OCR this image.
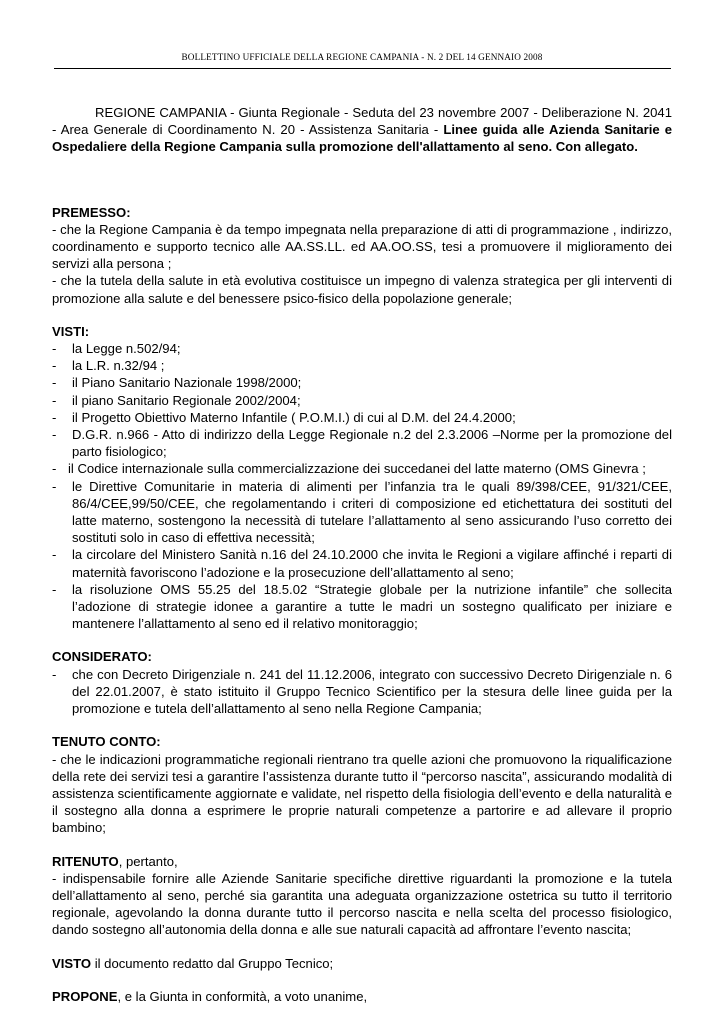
BOLLETTINO UFFICIALE DELLA REGIONE CAMPANIA - N. 2 DEL 14 GENNAIO 2008

REGIONE CAMPANIA - Giunta Regionale - Seduta del 23 novembre 2007 - Deliberazione N. 2041 - Area Generale di Coordinamento N. 20 - Assistenza Sanitaria - Linee guida alle Azienda Sanitarie e Ospedaliere della Regione Campania sulla promozione dell'allattamento al seno. Con allegato.

PREMESSO:

- che la Regione Campania è da tempo impegnata nella preparazione di atti di programmazione , indirizzo, coordinamento e supporto tecnico alle AA.SS.LL. ed AA.OO.SS, tesi a promuovere il miglioramento dei servizi alla persona ;

- che la tutela della salute in età evolutiva costituisce un impegno di valenza strategica per gli interventi di promozione alla salute e del benessere psico-fisico della popolazione generale;

VISTI:

- la Legge n.502/94;
- la L.R. n.32/94 ;
- il Piano Sanitario Nazionale 1998/2000;
- il piano Sanitario Regionale 2002/2004;
- il Progetto Obiettivo Materno Infantile ( P.O.M.I.) di cui al D.M. del 24.4.2000;
- D.G.R. n.966 - Atto di indirizzo della Legge Regionale n.2 del 2.3.2006 –Norme per la promozione del parto fisiologico;
- il Codice internazionale sulla commercializzazione dei succedanei del latte materno (OMS Ginevra ;
- le Direttive Comunitarie in materia di alimenti per l’infanzia tra le quali 89/398/CEE, 91/321/CEE, 86/4/CEE,99/50/CEE, che regolamentando i criteri di composizione ed etichettatura dei sostituti del latte materno, sostengono la necessità di tutelare l’allattamento al seno assicurando l’uso corretto dei sostituti solo in caso di effettiva necessità;
- la circolare del Ministero Sanità n.16 del 24.10.2000 che invita le Regioni a vigilare affinché i reparti di maternità favoriscono l’adozione e la prosecuzione dell’allattamento al seno;
- la risoluzione OMS 55.25 del 18.5.02 “Strategie globale per la nutrizione infantile” che sollecita l’adozione di strategie idonee a garantire a tutte le madri un sostegno qualificato per iniziare e mantenere l’allattamento al seno ed il relativo monitoraggio;

CONSIDERATO:

- che con Decreto Dirigenziale n. 241 del 11.12.2006, integrato con successivo Decreto Dirigenziale n. 6 del 22.01.2007, è stato istituito il Gruppo Tecnico Scientifico per la stesura delle linee guida per la promozione e tutela dell’allattamento al seno nella Regione Campania;

TENUTO CONTO:

- che le indicazioni programmatiche regionali rientrano tra quelle azioni che promuovono la riqualificazione della rete dei servizi tesi a garantire l’assistenza durante tutto il “percorso nascita”, assicurando modalità di assistenza scientificamente aggiornate e validate, nel rispetto della fisiologia dell’evento e della naturalità e il sostegno alla donna a esprimere le proprie naturali competenze a partorire e ad allevare il proprio bambino;

RITENUTO, pertanto,

- indispensabile fornire alle Aziende Sanitarie specifiche direttive riguardanti la promozione e la tutela dell’allattamento al seno, perché sia garantita una adeguata organizzazione ostetrica su tutto il territorio regionale, agevolando la donna durante tutto il percorso nascita e nella scelta del processo fisiologico, dando sostegno all’autonomia della donna e alle sue naturali capacità ad affrontare l’evento nascita;

VISTO il documento redatto dal Gruppo Tecnico;

PROPONE, e la Giunta in conformità, a voto unanime,
